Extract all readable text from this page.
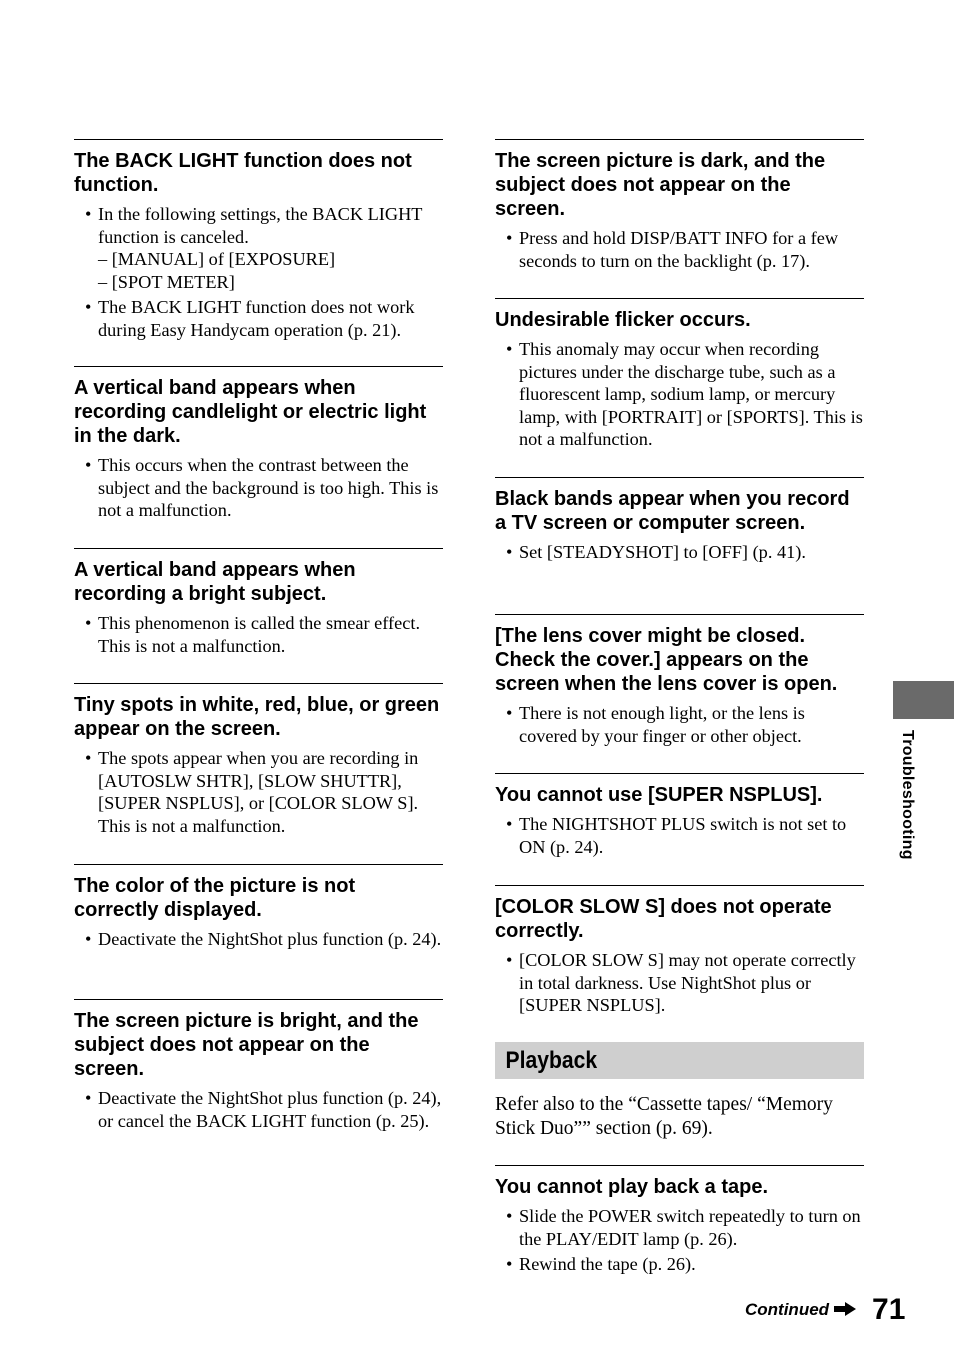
The BACK LIGHT function does not function.
• In the following settings, the BACK LIGHT function is canceled.
– [MANUAL] of [EXPOSURE]
– [SPOT METER]
• The BACK LIGHT function does not work during Easy Handycam operation (p. 21).
A vertical band appears when recording candlelight or electric light in the dark.
• This occurs when the contrast between the subject and the background is too high. This is not a malfunction.
A vertical band appears when recording a bright subject.
• This phenomenon is called the smear effect. This is not a malfunction.
Tiny spots in white, red, blue, or green appear on the screen.
• The spots appear when you are recording in [AUTOSLW SHTR], [SLOW SHUTTR], [SUPER NSPLUS], or [COLOR SLOW S]. This is not a malfunction.
The color of the picture is not correctly displayed.
• Deactivate the NightShot plus function (p. 24).
The screen picture is bright, and the subject does not appear on the screen.
• Deactivate the NightShot plus function (p. 24), or cancel the BACK LIGHT function (p. 25).
The screen picture is dark, and the subject does not appear on the screen.
• Press and hold DISP/BATT INFO for a few seconds to turn on the backlight (p. 17).
Undesirable flicker occurs.
• This anomaly may occur when recording pictures under the discharge tube, such as a fluorescent lamp, sodium lamp, or mercury lamp, with [PORTRAIT] or [SPORTS]. This is not a malfunction.
Black bands appear when you record a TV screen or computer screen.
• Set [STEADYSHOT] to [OFF] (p. 41).
[The lens cover might be closed. Check the cover.] appears on the screen when the lens cover is open.
• There is not enough light, or the lens is covered by your finger or other object.
You cannot use [SUPER NSPLUS].
• The NIGHTSHOT PLUS switch is not set to ON (p. 24).
[COLOR SLOW S] does not operate correctly.
• [COLOR SLOW S] may not operate correctly in total darkness. Use NightShot plus or [SUPER NSPLUS].
Playback

Refer also to the “Cassette tapes/ “Memory Stick Duo”” section (p. 69).

You cannot play back a tape.
• Slide the POWER switch repeatedly to turn on the PLAY/EDIT lamp (p. 26).
• Rewind the tape (p. 26).
Troubleshooting
Continued 71
